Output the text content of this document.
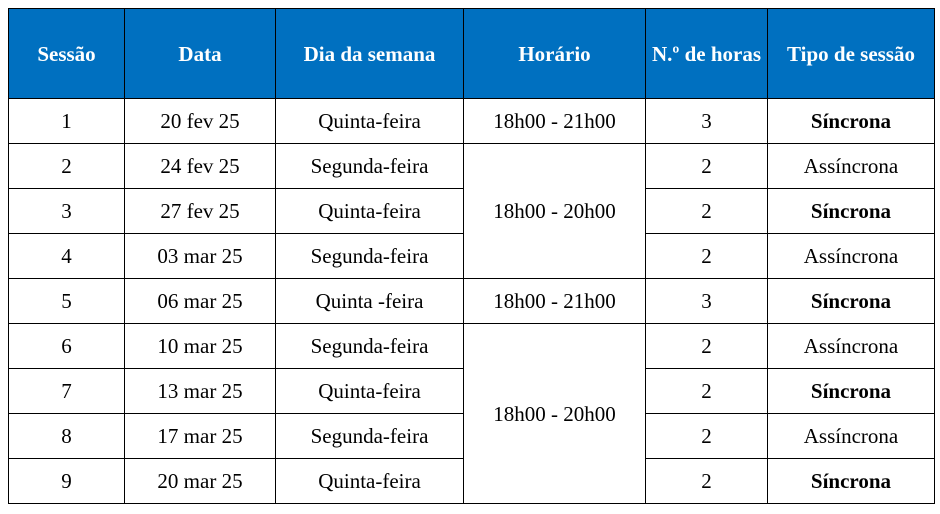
Sessão	Data	Dia da semana	Horário	N.º de horas	Tipo de sessão
1	20 fev 25	Quinta-feira	18h00 - 21h00	3	Síncrona
2	24 fev 25	Segunda-feira	18h00 - 20h00	2	Assíncrona
3	27 fev 25	Quinta-feira		2	Síncrona
4	03 mar 25	Segunda-feira		2	Assíncrona
5	06 mar 25	Quinta -feira	18h00 - 21h00	3	Síncrona
6	10 mar 25	Segunda-feira	18h00 - 20h00	2	Assíncrona
7	13 mar 25	Quinta-feira		2	Síncrona
8	17 mar 25	Segunda-feira		2	Assíncrona
9	20 mar 25	Quinta-feira		2	Síncrona
